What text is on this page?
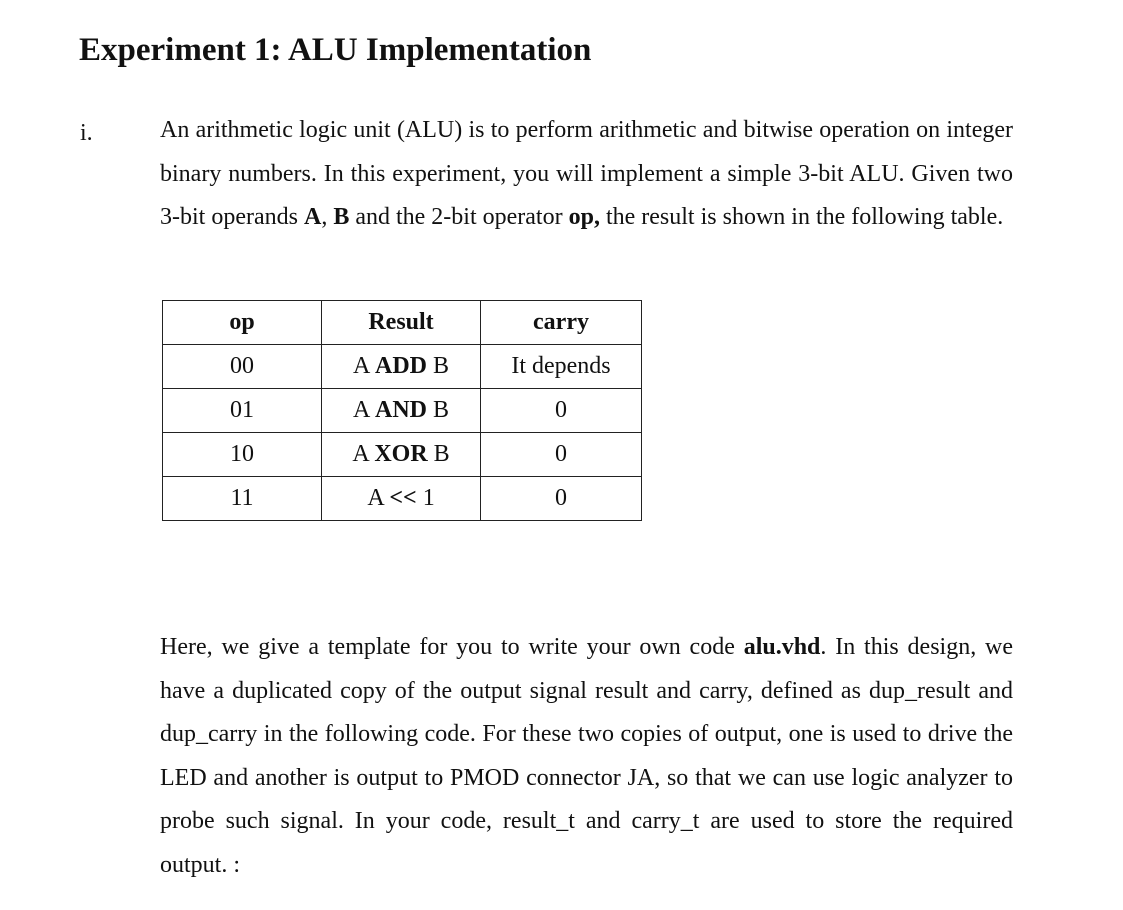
Experiment 1: ALU Implementation
i.	An arithmetic logic unit (ALU) is to perform arithmetic and bitwise operation on integer binary numbers. In this experiment, you will implement a simple 3-bit ALU. Given two 3-bit operands A, B and the 2-bit operator op, the result is shown in the following table.

op	Result	carry
00	A ADD B	It depends
01	A AND B	0
10	A XOR B	0
11	A << 1	0

Here, we give a template for you to write your own code alu.vhd. In this design, we have a duplicated copy of the output signal result and carry, defined as dup_result and dup_carry in the following code. For these two copies of output, one is used to drive the LED and another is output to PMOD connector JA, so that we can use logic analyzer to probe such signal. In your code, result_t and carry_t are used to store the required output. :
